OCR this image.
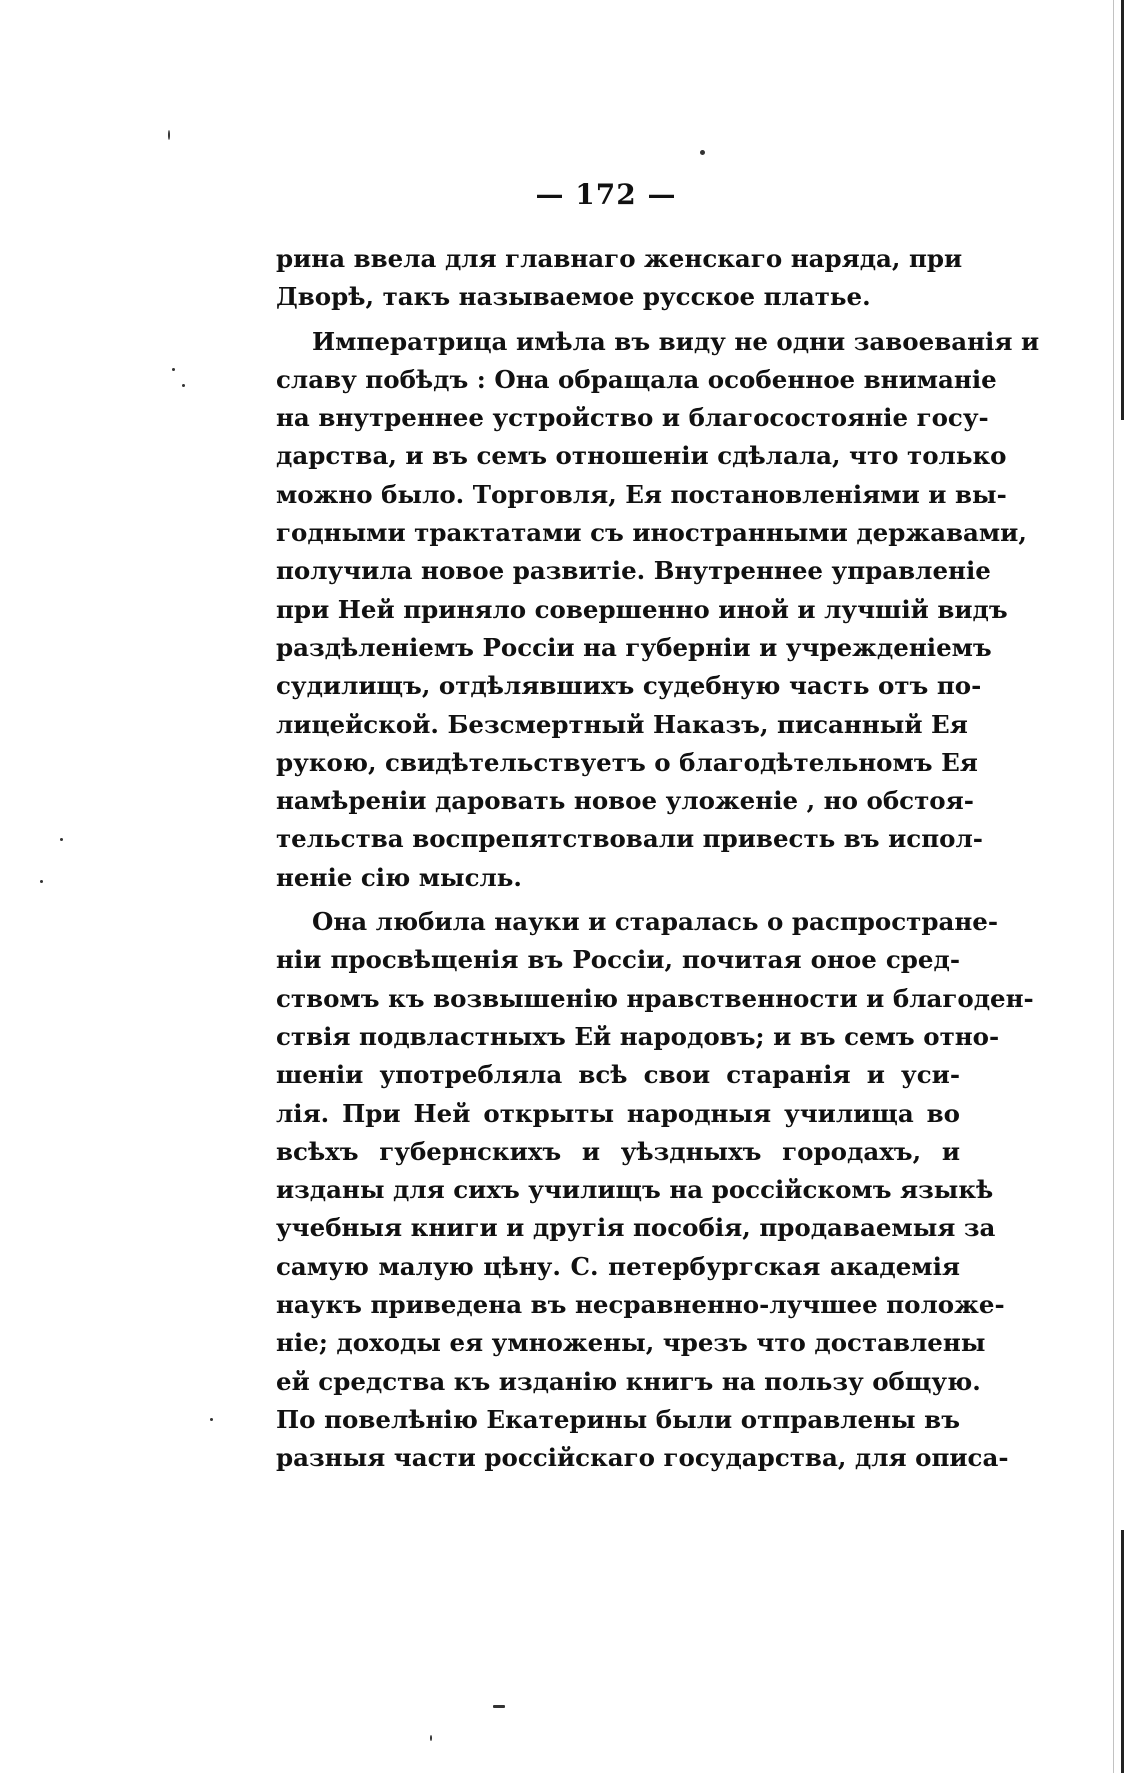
— 172 —
рина ввела для главнаго женскаго наряда, при
Дворѣ, такъ называемое русское платье.
Императрица имѣла въ виду не одни завоеванія и
славу побѣдъ : Она обращала особенное вниманіе
на внутреннее устройство и благосостояніе госу-
дарства, и въ семъ отношеніи сдѣлала, что только
можно было. Торговля, Ея постановленіями и вы-
годными трактатами съ иностранными державами,
получила новое развитіе. Внутреннее управленіе
при Ней приняло совершенно иной и лучшій видъ
раздѣленіемъ Россіи на губерніи и учрежденіемъ
судилищъ, отдѣлявшихъ судебную часть отъ по-
лицейской. Безсмертный Наказъ, писанный Ея
рукою, свидѣтельствуетъ о благодѣтельномъ Ея
намѣреніи даровать новое уложеніе , но обстоя-
тельства воспрепятствовали привесть въ испол-
неніе сію мысль.
Она любила науки и старалась о распростране-
ніи просвѣщенія въ Россіи, почитая оное сред-
ствомъ къ возвышенію нравственности и благоден-
ствія подвластныхъ Ей народовъ; и въ семъ отно-
шеніи употребляла всѣ свои старанія и уси-
лія. При Ней открыты народныя училища во
всѣхъ губернскихъ и уѣздныхъ городахъ, и
изданы для сихъ училищъ на россійскомъ языкѣ
учебныя книги и другія пособія, продаваемыя за
самую малую цѣну. С. петербургская академія
наукъ приведена въ несравненно-лучшее положе-
ніе; доходы ея умножены, чрезъ что доставлены
ей средства къ изданію книгъ на пользу общую.
По повелѣнію Екатерины были отправлены въ
разныя части россійскаго государства, для описа-
